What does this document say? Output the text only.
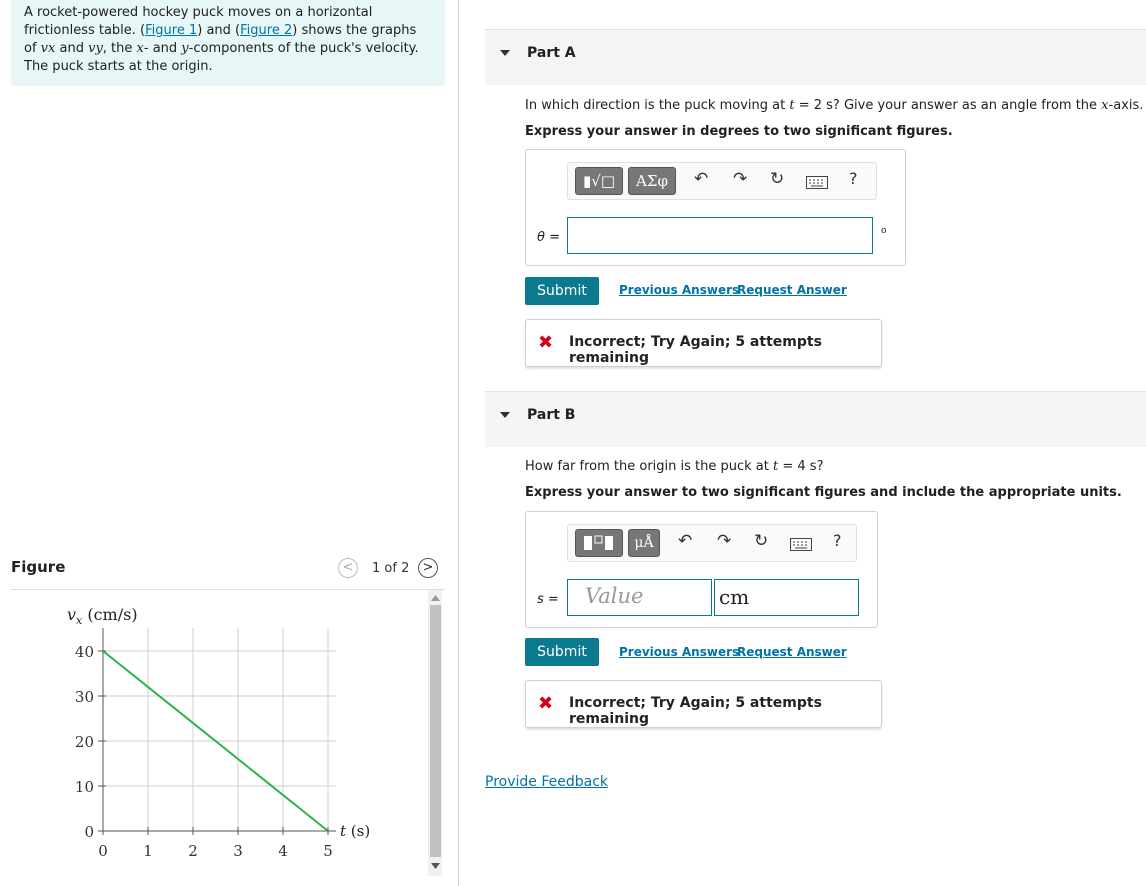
A rocket-powered hockey puck moves on a horizontal frictionless table. (Figure 1) and (Figure 2) shows the graphs of vx and vy, the x- and y-components of the puck's velocity. The puck starts at the origin.
Figure	<	1 of 2	>
0 1 2 3 4 5
0
10
20
30
40
$v_x$ (cm/s)
t (s)
Part A
In which direction is the puck moving at t = 2 s? Give your answer as an angle from the x-axis.
Express your answer in degrees to two significant figures.
▮√□	ΑΣφ	↶ ↷ ↻	?
θ =	o
Submit	Previous Answers
Request Answer
✖ Incorrect; Try Again; 5 attempts remaining
Part B
How far from the origin is the puck at t = 4 s?
Express your answer to two significant figures and include the appropriate units.
μÅ	↶ ↷ ↻	?
s =	Value	cm
Submit	Previous Answers
Request Answer
✖ Incorrect; Try Again; 5 attempts remaining
Provide Feedback
